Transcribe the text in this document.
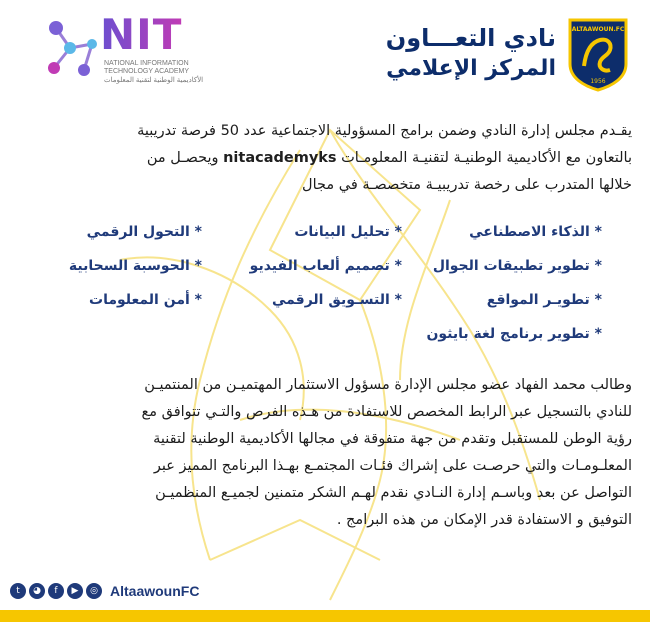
NIT
NATIONAL INFORMATION
TECHNOLOGY ACADEMY
الأكاديمية الوطنية لتقنية المعلومات
نادي التعـــاون
المركز الإعلامي
ALTAAWOUN.FC
1956
يقـدم مجلس إدارة النادي وضمن برامج المسؤولية الاجتماعية عدد 50 فرصة تدريبية
بالتعاون مع الأكاديمية الوطنيـة لتقنيـة المعلومـات nitacademyks ويحصـل من
خلالها المتدرب على رخصة تدريبيـة متخصصـة في مجال
* الذكاء الاصطناعي
* تحليل البيانات
* التحول الرقمي
* تطوير تطبيقات الجوال
* تصميم ألعاب الفيديو
* الحوسبة السحابية
* تطويـر المواقع
* التسـويق الرقمي
* أمن المعلومات
* تطوير برنامج لغة بايثون
وطالب محمد الفهاد عضو مجلس الإدارة مسؤول الاستثمار المهتميـن من المنتميـن
للنادي بالتسجيل عبر الرابط المخصص للاستفادة من هـذه الفرص والتـي تتوافق مع
رؤية الوطن للمستقبل وتقدم من جهة متفوقة في مجالها الأكاديمية الوطنية لتقنية
المعلـومـات والتي حرصـت على إشراك فئـات المجتمـع بهـذا البرنامج المميز عبر
التواصل عن بعد وباسـم إدارة النـادي نقدم لهـم الشكر متمنين لجميـع المنظميـن
التوفيق و الاستفادة قدر الإمكان من هذه البرامج .
t	◕	f	▶	◎ AltaawounFC
